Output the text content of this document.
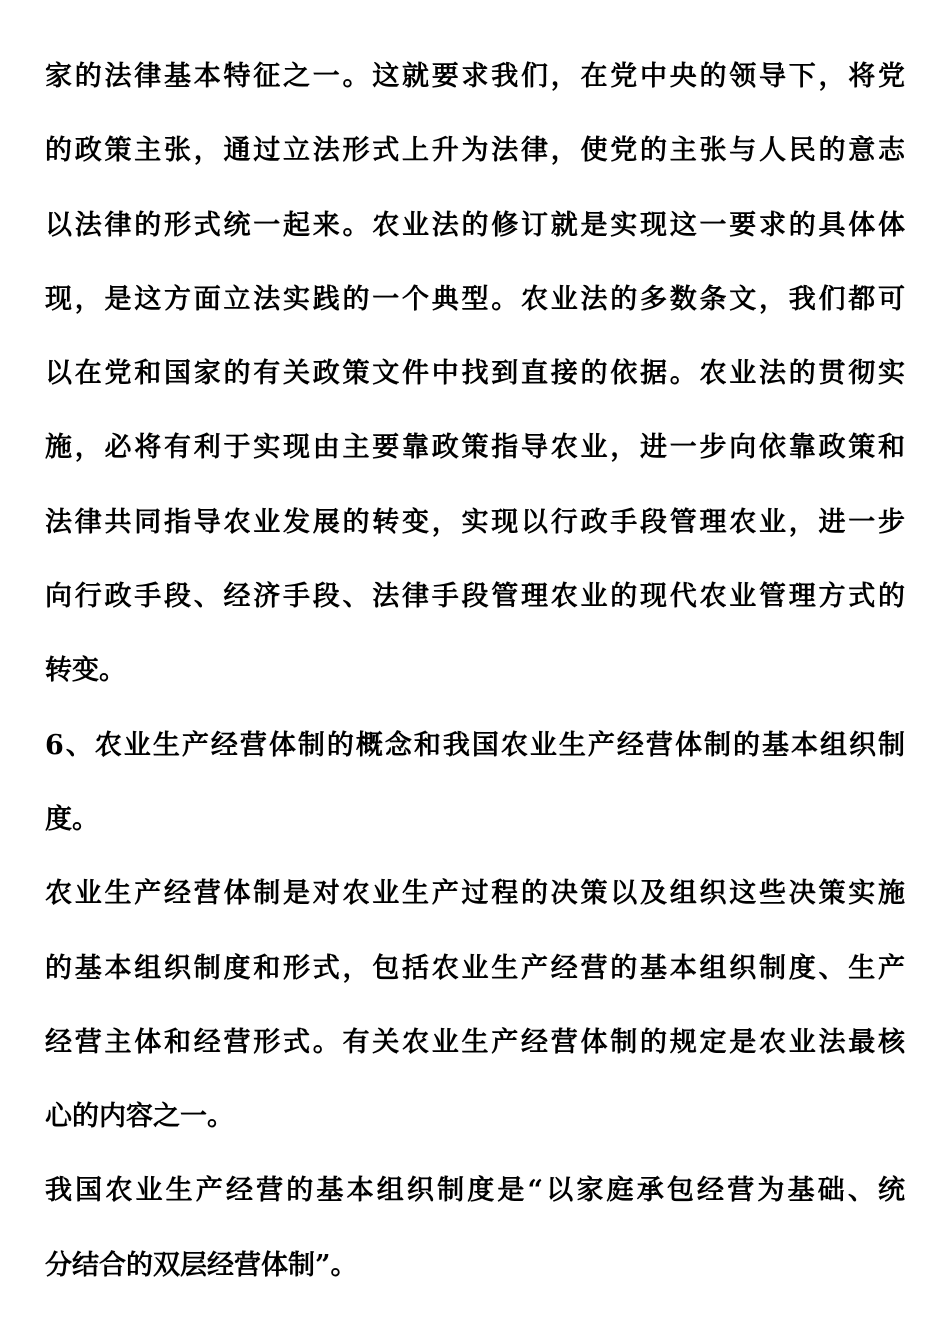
家的法律基本特征之一。这就要求我们，在党中央的领导下，将党
的政策主张，通过立法形式上升为法律，使党的主张与人民的意志
以法律的形式统一起来。农业法的修订就是实现这一要求的具体体
现，是这方面立法实践的一个典型。农业法的多数条文，我们都可
以在党和国家的有关政策文件中找到直接的依据。农业法的贯彻实
施，必将有利于实现由主要靠政策指导农业，进一步向依靠政策和
法律共同指导农业发展的转变，实现以行政手段管理农业，进一步
向行政手段、经济手段、法律手段管理农业的现代农业管理方式的
转变。
6、农业生产经营体制的概念和我国农业生产经营体制的基本组织制
度。
农业生产经营体制是对农业生产过程的决策以及组织这些决策实施
的基本组织制度和形式，包括农业生产经营的基本组织制度、生产
经营主体和经营形式。有关农业生产经营体制的规定是农业法最核
心的内容之一。
我国农业生产经营的基本组织制度是“以家庭承包经营为基础、统
分结合的双层经营体制”。
